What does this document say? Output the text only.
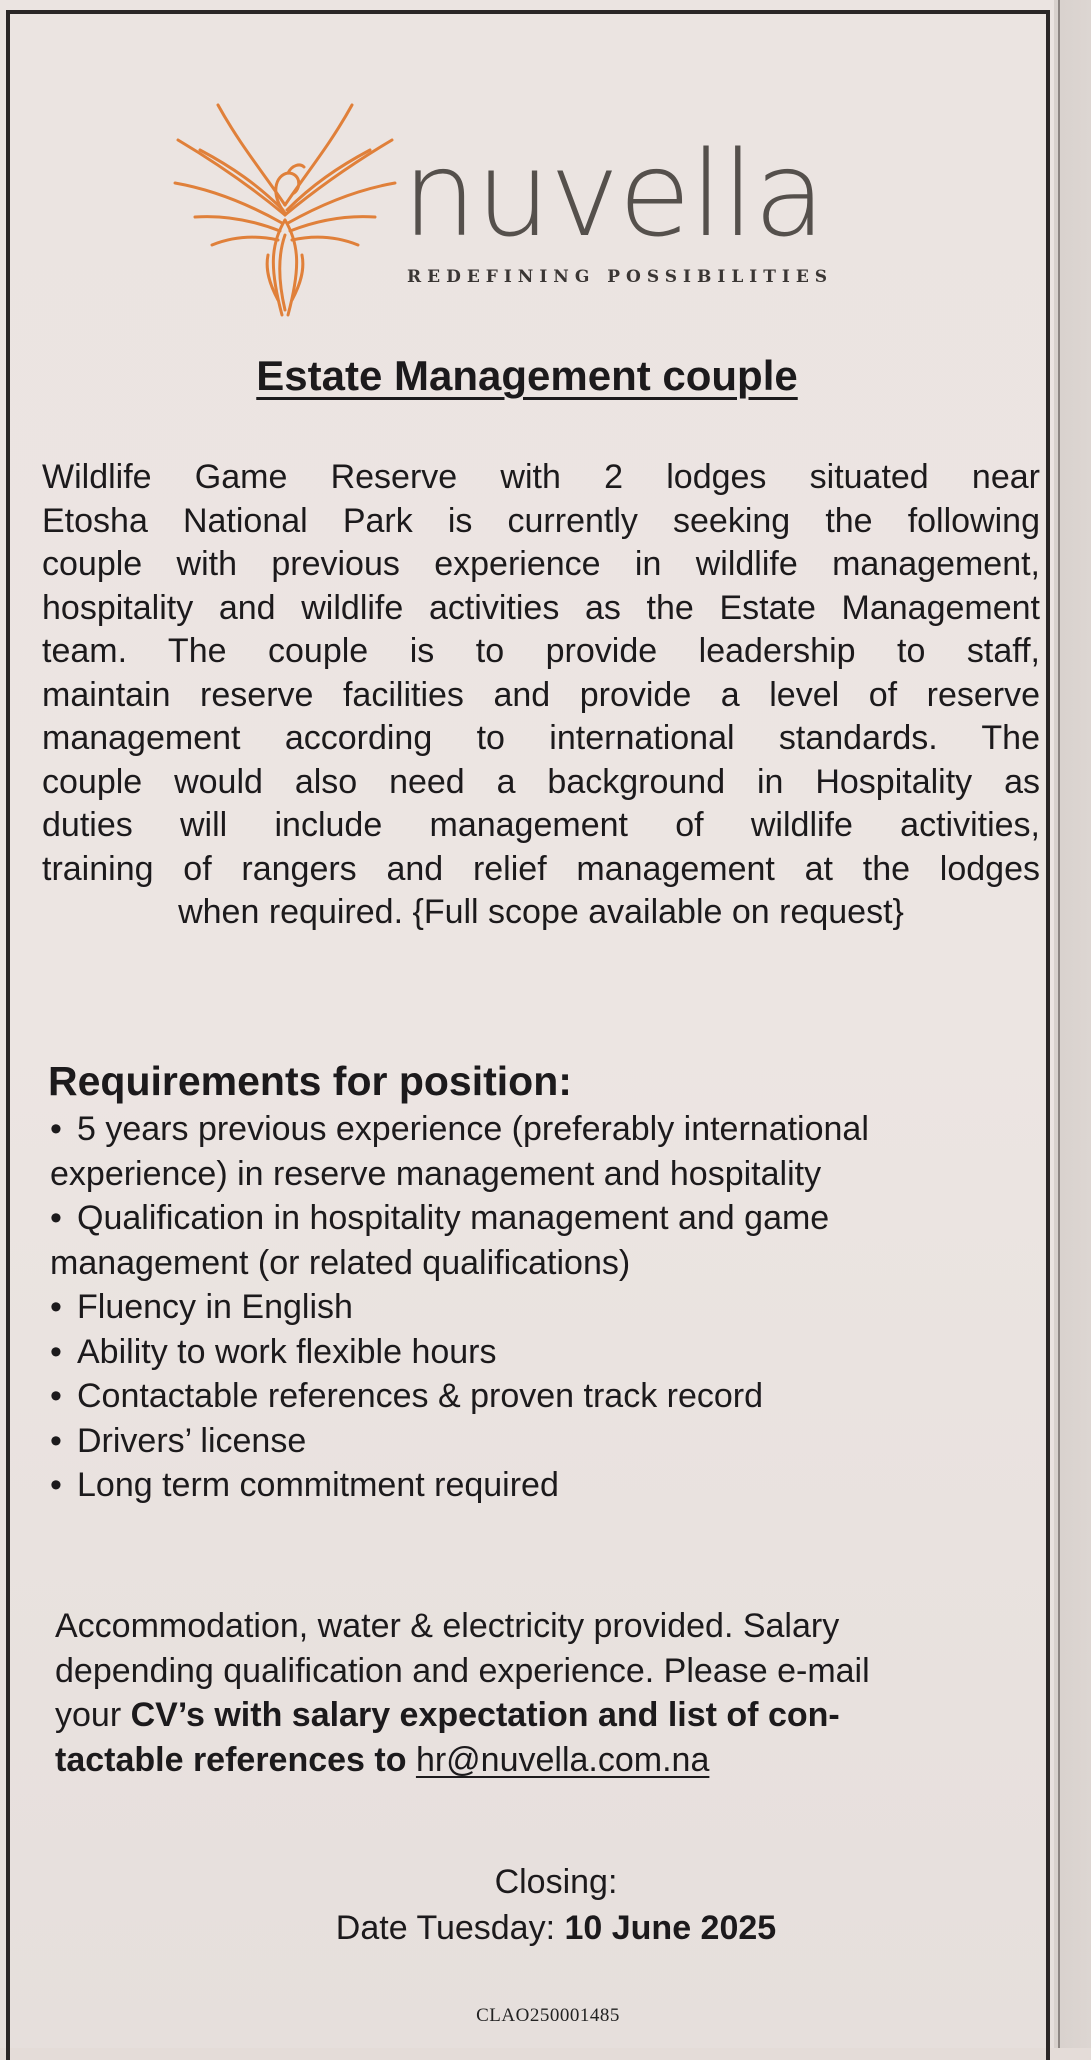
nuvella
REDEFINING POSSIBILITIES
Estate Management couple
Wildlife Game Reserve with 2 lodges situated near
Etosha National Park is currently seeking the following
couple with previous experience in wildlife management,
hospitality and wildlife activities as the Estate Management
team. The couple is to provide leadership to staff,
maintain reserve facilities and provide a level of reserve
management according to international standards. The
couple would also need a background in Hospitality as
duties will include management of wildlife activities,
training of rangers and relief management at the lodges
when required. {Full scope available on request}
Requirements for position:
•5 years previous experience (preferably international
experience) in reserve management and hospitality
•Qualification in hospitality management and game
management (or related qualifications)
•Fluency in English
•Ability to work flexible hours
•Contactable references & proven track record
•Drivers’ license
•Long term commitment required
Accommodation, water & electricity provided. Salary
depending qualification and experience. Please e-mail
your CV’s with salary expectation and list of con-
tactable references to hr@nuvella.com.na
Closing:
Date Tuesday: 10 June 2025
CLAO250001485
